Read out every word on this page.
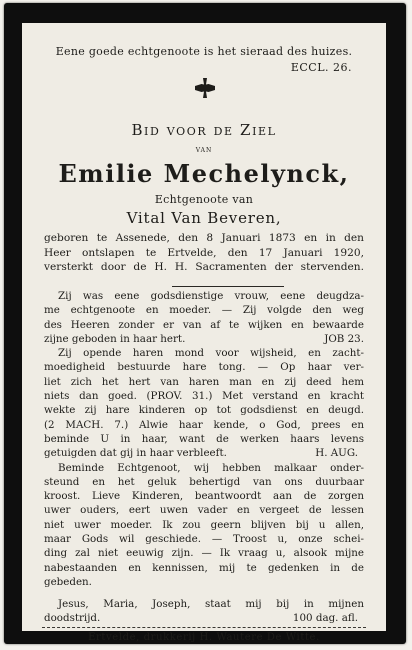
Eene goede echtgenoote is het sieraad des huizes.
ECCL. 26.
Bid voor de Ziel
van
Emilie Mechelynck,
Echtgenoote van
Vital Van Beveren,
geboren te Assenede, den 8 Januari 1873 en in den
Heer ontslapen te Ertvelde, den 17 Januari 1920,
versterkt door de H. H. Sacramenten der stervenden.

Zij was eene godsdienstige vrouw, eene deugdza-
me echtgenoote en moeder. — Zij volgde den weg
des Heeren zonder er van af te wijken en bewaarde
zijne geboden in haar hert.	JOB 23.

Zij opende haren mond voor wijsheid, en zacht-
moedigheid bestuurde hare tong. — Op haar ver-
liet zich het hert van haren man en zij deed hem
niets dan goed. (PROV. 31.) Met verstand en kracht
wekte zij hare kinderen op tot godsdienst en deugd.
(2 MACH. 7.) Alwie haar kende, o God, prees en
beminde U in haar, want de werken haars levens
getuigden dat gij in haar verbleeft.	H. AUG.

Beminde Echtgenoot, wij hebben malkaar onder-
steund en het geluk behertigd van ons duurbaar
kroost. Lieve Kinderen, beantwoordt aan de zorgen
uwer ouders, eert uwen vader en vergeet de lessen
niet uwer moeder. Ik zou geern blijven bij u allen,
maar Gods wil geschiede. — Troost u, onze schei-
ding zal niet eeuwig zijn. — Ik vraag u, alsook mijne
nabestaanden en kennissen, mij te gedenken in de
gebeden.

Jesus, Maria, Joseph, staat mij bij in mijnen
doodstrijd.	100 dag. afl.
Ertvelde, drukkerij H. Wautere De Witte.
